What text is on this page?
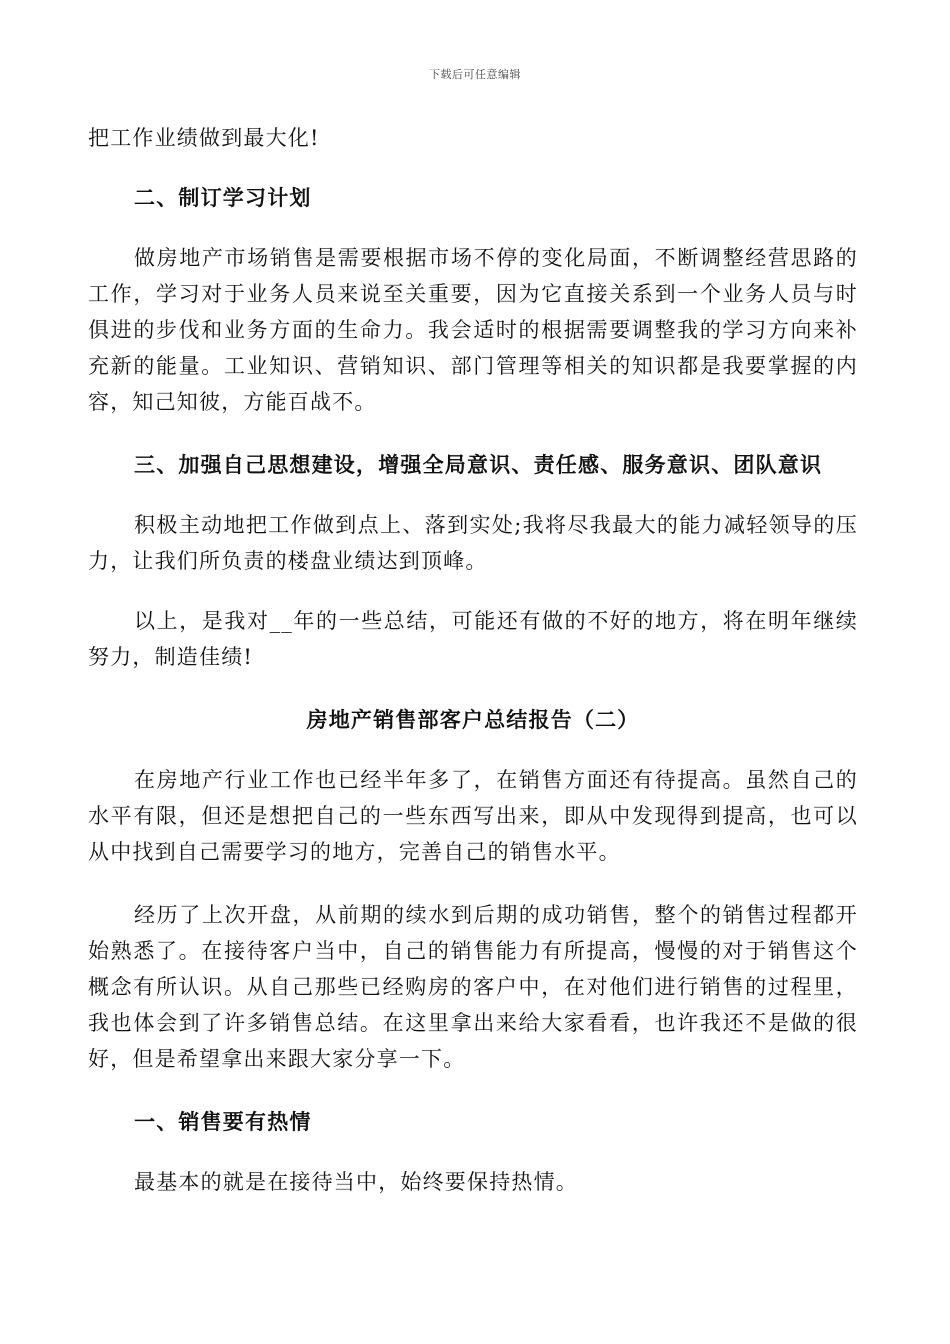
下载后可任意编辑

把工作业绩做到最大化!

二、制订学习计划

做房地产市场销售是需要根据市场不停的变化局面，不断调整经营思路的工作，学习对于业务人员来说至关重要，因为它直接关系到一个业务人员与时俱进的步伐和业务方面的生命力。我会适时的根据需要调整我的学习方向来补充新的能量。工业知识、营销知识、部门管理等相关的知识都是我要掌握的内容，知己知彼，方能百战不。

三、加强自己思想建设，增强全局意识、责任感、服务意识、团队意识

积极主动地把工作做到点上、落到实处;我将尽我最大的能力减轻领导的压力，让我们所负责的楼盘业绩达到顶峰。

以上，是我对__年的一些总结，可能还有做的不好的地方，将在明年继续努力，制造佳绩!

房地产销售部客户总结报告（二）

在房地产行业工作也已经半年多了，在销售方面还有待提高。虽然自己的水平有限，但还是想把自己的一些东西写出来，即从中发现得到提高，也可以从中找到自己需要学习的地方，完善自己的销售水平。

经历了上次开盘，从前期的续水到后期的成功销售，整个的销售过程都开始熟悉了。在接待客户当中，自己的销售能力有所提高，慢慢的对于销售这个概念有所认识。从自己那些已经购房的客户中，在对他们进行销售的过程里，我也体会到了许多销售总结。在这里拿出来给大家看看，也许我还不是做的很好，但是希望拿出来跟大家分享一下。

一、销售要有热情

最基本的就是在接待当中，始终要保持热情。
